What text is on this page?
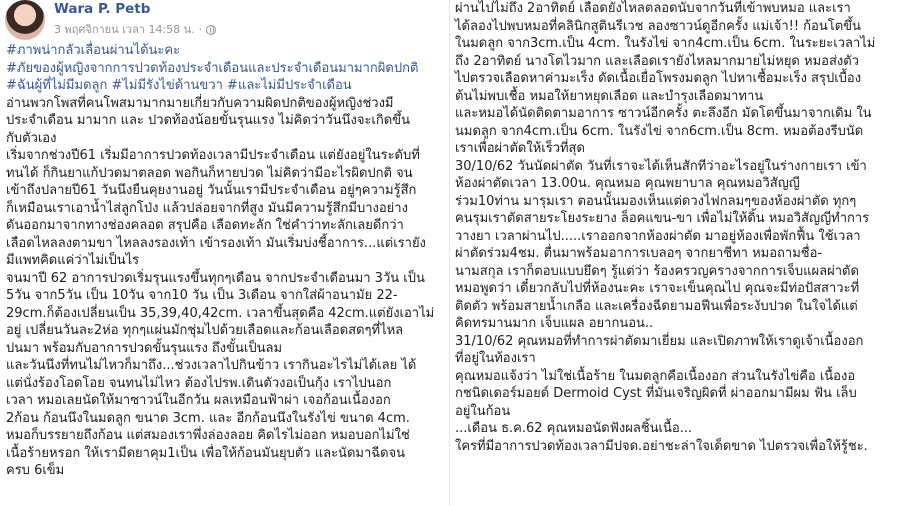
Wara P. Petb
3 พฤศจิกายน เวลา 14:58 น. ·
#ภาพน่ากลัวเลื่อนผ่านได้นะคะ
#ภัยของผู้หญิงจากการปวดท้องประจำเดือนและประจำเดือนมามากผิดปกติ
#ฉันผู้ที่ไม่มีมดลูก #ไม่มีรังไข่ด้านขวา #และไม่มีประจำเดือน

อ่านพวกโพสที่คนโพสมามากมายเกี่ยวกับความผิดปกติของผู้หญิงช่วงมี

ประจำเดือน มามาก และ ปวดท้องน้อยขั้นรุนแรง ไม่คิดว่าวันนึงจะเกิดขึ้น

กับตัวเอง

เริ่มจากช่วงปี61 เริ่มมีอาการปวดท้องเวลามีประจำเดือน แต่ยังอยู่ในระดับที่

ทนได้ ก็กินยาแก้ปวดมาตลอด พอกินก็หายปวด ไม่คิดว่ามีอะไรผิดปกติ จน

เข้าถึงปลายปี61 วันนึงยืนคุยงานอยู่ วันนั้นเรามีประจำเดือน อยู่ๆความรู้สึก

ก็เหมือนเราเอาน้ำไส่ลูกโป่ง แล้วปล่อยจากที่สูง มันมีความรู้สึกมีบางอย่าง

ดันออกมาจากทางช่องคลอด สรุปคือ เลือดทะลัก ใช่คำว่าทะลักเลยดีกว่า

เลือดไหลลงตามขา ไหลลงรองเท้า เข้ารองเท้า มันเริ่มบ่งชี้อาการ...แต่เรายัง

มีแพทคิดแค่ว่าไม่เป็นไร

จนมาปี 62 อาการปวดเริ่มรุนแรงขึ้นทุกๆเดือน จากประจำเดือนมา 3วัน เป็น

5วัน จาก5วัน เป็น 10วัน จาก10 วัน เป็น 3เดือน จากใส่ผ้าอนามัย 22-

29cm.ก็ต้องเปลี่ยนเป็น 35,39,40,42cm. เวลาขึ้นสุดคือ 42cm.แต่ยังเอาไม่

อยู่ เปลี่ยนวันละ2ห่อ ทุกๆแผ่นมักชุ่มไปด้วยเลือดและก้อนเลือดสดๆที่ไหล

ปนมา พร้อมกับอาการปวดขั้นรุนแรง ถึงขั้นเป็นลม

และวันนึงที่ทนไม่ไหวก็มาถึง...ช่วงเวลาไปกินข้าว เรากินอะไรไม่ได้เลย ได้

แต่นั่งร้องโอดโอย จนทนไม่ไหว ต้องไปรพ.เดินตัวงอเป็นกุ้ง เราไปนอก

เวลา หมอเลยนัดให้มาซาวน์ในอีกวัน ผลเหมือนฟ้าผ่า เจอก้อนเนื้องอก

2ก้อน ก้อนนึงในมดลูก ขนาด 3cm. และ อีกก้อนนึงในรังไข่ ขนาด 4cm.

หมอก็บรรยายถึงก้อน แต่สมองเราพึ่งล่องลอย คิดไรไม่ออก หมอบอกไม่ใช่

เนื้อร้ายหรอก ให้เรามีดยาคุม1เป็น เพื่อให้ก้อนมันยุบตัว และนัดมาฉีดจน

ครบ 6เข็ม

ผ่านไปไม่ถึง 2อาทิตย์ เลือดยังไหลตลอดนับจากวันที่เข้าพบหมอ และเรา

ได้ลองไปพบหมอที่คลินิกสูตินรีเวช ลองซาวน์ดูอีกครั้ง แม่เจ้า!! ก้อนโตขึ้น

ในมดลูก จาก3cm.เป็น 4cm. ในรังไข่ จาก4cm.เป็น 6cm. ในระยะเวลาไม่

ถึง 2อาทิตย์ นางโตไวมาก และเลือดเรายังไหลมากมายไม่หยุด หมอส่งตัว

ไปตรวจเลือดหาค่ามะเร็ง ดัดเนื้อเยื่อโพรงมดลูก ไปหาเชื้อมะเร็ง สรุปเบื้อง

ต้นไม่พบเชื้อ หมอให้ยาหยุดเลือด และบำรุงเลือดมาทาน

และหมอได้นัดติดตามอาการ ซาวน์อีกครั้ง ตะลึงอีก มัดโตขึ้นมาจากเดิม ใน

นมดลูก จาก4cm.เป็น 6cm. ในรังไข่ จาก6cm.เป็น 8cm. หมอต้องรีบนัด

เราเพื่อผ่าตัดให้เร็วที่สุด

30/10/62 วันนัดผ่าตัด วันที่เราจะได้เห็นสักทีว่าอะไรอยู่ในร่างกายเรา เข้า

ห้องผ่าตัดเวลา 13.00น. คุณหมอ คุณพยาบาล คุณหมอวิสัญญี

ร่วม10ท่าน มารุมเรา ตอนนั้นมองเห็นแต่ดวงไฟกลมๆของห้องผ่าตัด ทุกๆ

คนรุมเราตัดสายระโยงระยาง ล็อคแขน-ขา เพื่อไม่ให้ดิ้น หมอวิสัญญีทำการ

วางยา เวลาผ่านไป.....เราออกจากห้องผ่าตัด มาอยู่ห้องเพื่อพักฟื้น ใช้เวลา

ผ่าตัดร่วม4ชม. ตื่นมาพร้อมอาการเบลอๆ จากยาชีทา หมอถามชื่อ-

นามสกุล เราก็ตอบแบบยึดๆ รู้แต่ว่า ร้องครวญครางจากการเจ็บแผลผ่าตัด

หมอพูดว่า เดี๋ยวกลับไปที่ห้องนะคะ เราจะเข็นคุณไป คุณจะมีท่อปัสสาวะที่

ติดตัว พร้อมสายน้ำเกลือ และเครื่องฉีดยามอฟีนเพื่อระงับปวด ในใจได้แต่

คิดทรมานมาก เจ็บแผล อยากนอน..

31/10/62 คุณหมอที่ทำการผ่าตัดมาเยี่ยม และเปิดภาพให้เราดูเจ้าเนื้องอก

ที่อยู่ในท้องเรา

คุณหมอแจ้งว่า ไม่ใช่เนื้อร้าย ในมดลูกคือเนื้องอก ส่วนในรังไข่คือ เนื้องอ

กชนิดเดอร์มอยด์ Dermoid Cyst ที่มันเจริญผิดที่ ผ่าออกมามีผม ฟัน เล็บ

อยู่ในก้อน

...เดือน ธ.ค.62 คุณหมอนัดฟังผลชิ้นเนื้อ...

ใครที่มีอาการปวดท้องเวลามีปจด.อย่าชะล่าใจเด็ดขาด ไปตรวจเพื่อให้รู้ชะ.
